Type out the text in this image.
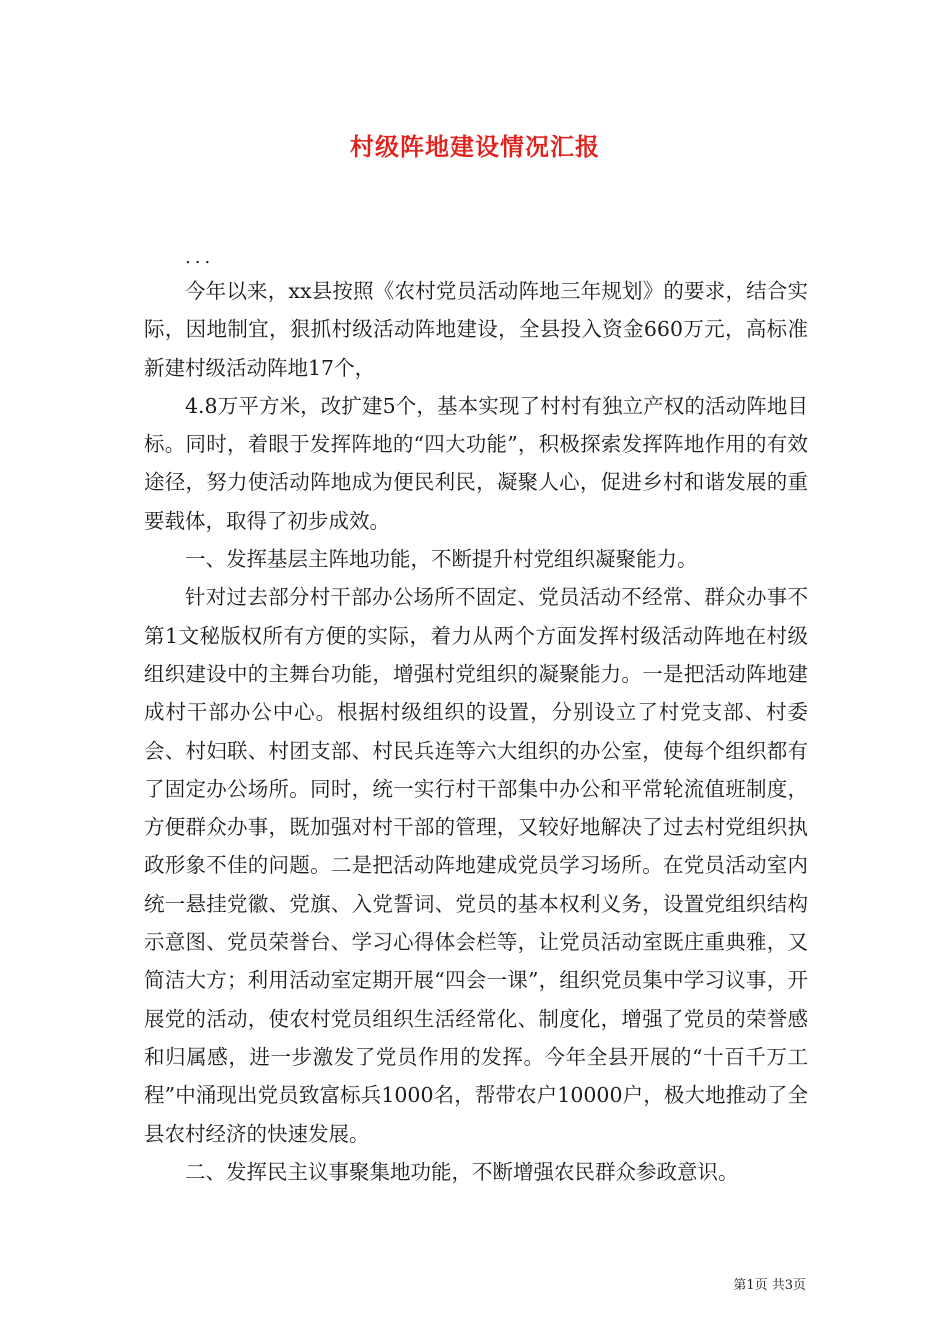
村级阵地建设情况汇报
...

今年以来，xx县按照《农村党员活动阵地三年规划》的要求，结合实际，因地制宜，狠抓村级活动阵地建设，全县投入资金660万元，高标准新建村级活动阵地17个，

4.8万平方米，改扩建5个，基本实现了村村有独立产权的活动阵地目标。同时，着眼于发挥阵地的“四大功能”，积极探索发挥阵地作用的有效途径，努力使活动阵地成为便民利民，凝聚人心，促进乡村和谐发展的重要载体，取得了初步成效。

一、发挥基层主阵地功能，不断提升村党组织凝聚能力。

针对过去部分村干部办公场所不固定、党员活动不经常、群众办事不第1文秘版权所有方便的实际，着力从两个方面发挥村级活动阵地在村级组织建设中的主舞台功能，增强村党组织的凝聚能力。一是把活动阵地建成村干部办公中心。根据村级组织的设置，分别设立了村党支部、村委会、村妇联、村团支部、村民兵连等六大组织的办公室，使每个组织都有了固定办公场所。同时，统一实行村干部集中办公和平常轮流值班制度，方便群众办事，既加强对村干部的管理，又较好地解决了过去村党组织执政形象不佳的问题。二是把活动阵地建成党员学习场所。在党员活动室内统一悬挂党徽、党旗、入党誓词、党员的基本权利义务，设置党组织结构示意图、党员荣誉台、学习心得体会栏等，让党员活动室既庄重典雅，又简洁大方；利用活动室定期开展“四会一课”，组织党员集中学习议事，开展党的活动，使农村党员组织生活经常化、制度化，增强了党员的荣誉感和归属感，进一步激发了党员作用的发挥。今年全县开展的“十百千万工程”中涌现出党员致富标兵1000名，帮带农户10000户，极大地推动了全县农村经济的快速发展。

二、发挥民主议事聚集地功能，不断增强农民群众参政意识。

第1页 共3页
